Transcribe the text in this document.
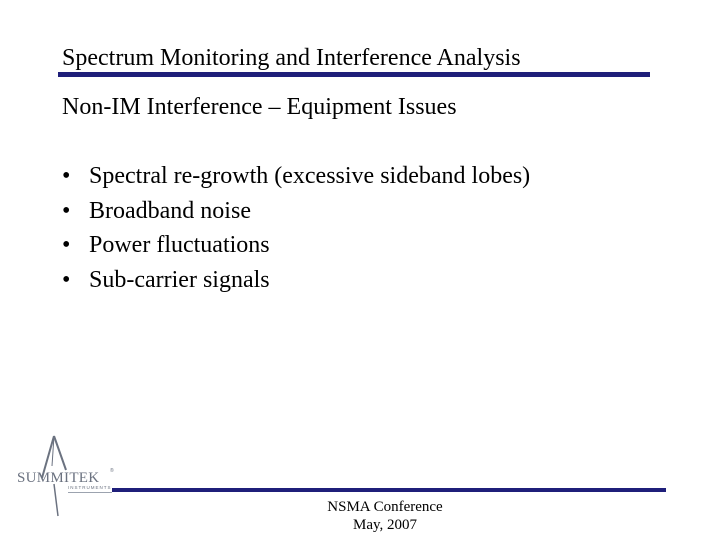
Spectrum Monitoring and Interference Analysis
Non-IM Interference – Equipment Issues
• Spectral re-growth (excessive sideband lobes)
• Broadband noise
• Power fluctuations
• Sub-carrier signals
SUMMITEK ®
INSTRUMENTS
NSMA Conference
May, 2007
